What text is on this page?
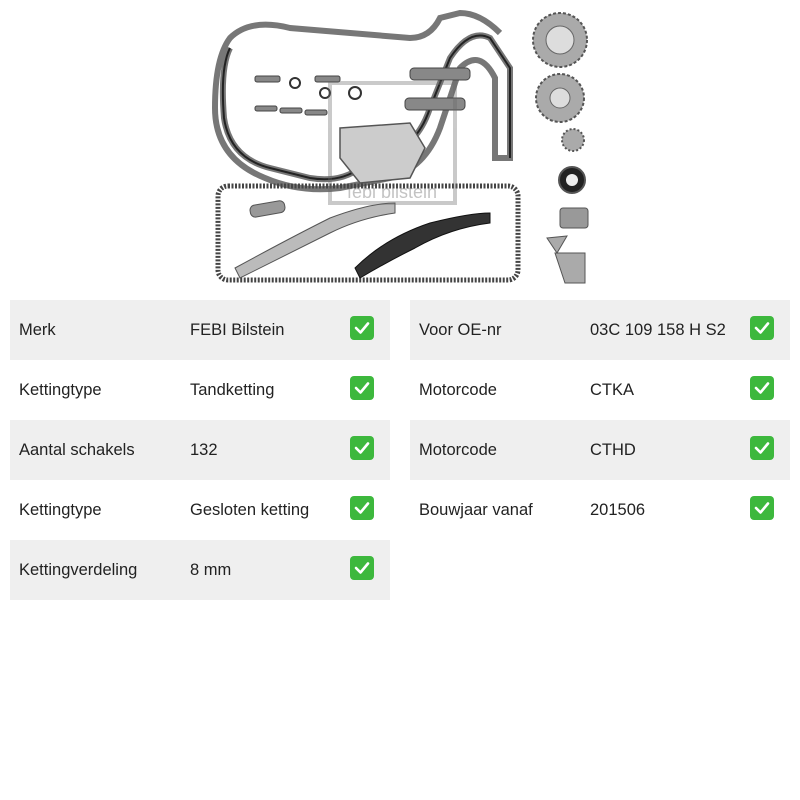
febi bilstein
Merk	FEBI Bilstein
Kettingtype	Tandketting
Aantal schakels	132
Kettingtype	Gesloten ketting
Kettingverdeling	8 mm
Voor OE-nr	03C 109 158 H S2
Motorcode	CTKA
Motorcode	CTHD
Bouwjaar vanaf	201506
